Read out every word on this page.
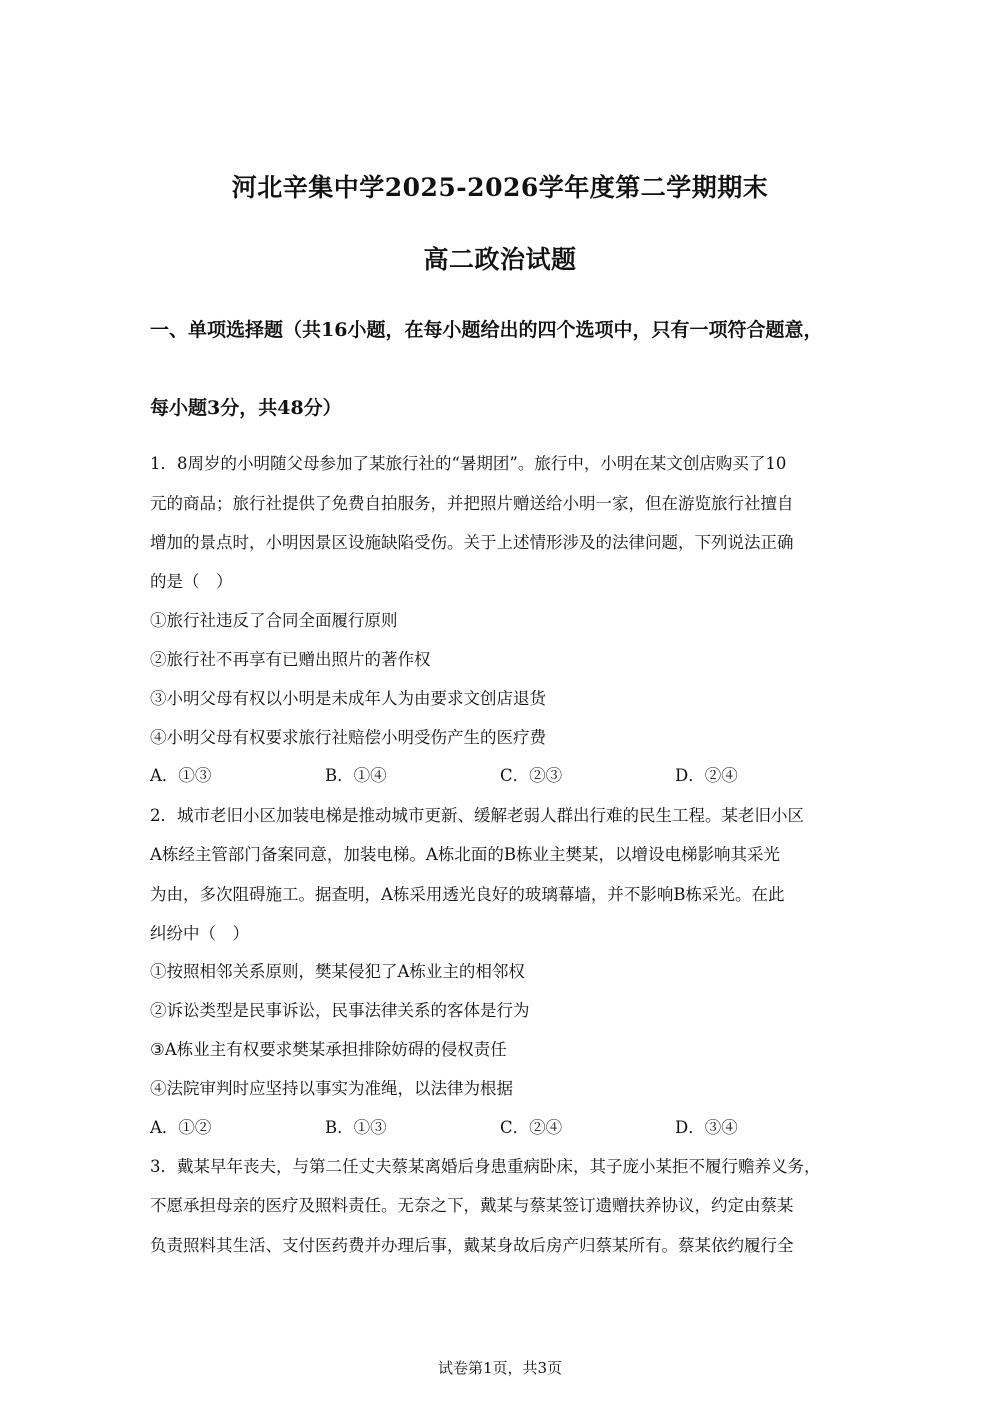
河北辛集中学2025-2026学年度第二学期期末
高二政治试题
一、单项选择题（共16小题，在每小题给出的四个选项中，只有一项符合题意，
每小题3分，共48分）
1．8周岁的小明随父母参加了某旅行社的“暑期团”。旅行中，小明在某文创店购买了10
元的商品；旅行社提供了免费自拍服务，并把照片赠送给小明一家，但在游览旅行社擅自
增加的景点时，小明因景区设施缺陷受伤。关于上述情形涉及的法律问题，下列说法正确
的是（　）
①旅行社违反了合同全面履行原则
②旅行社不再享有已赠出照片的著作权
③小明父母有权以小明是未成年人为由要求文创店退货
④小明父母有权要求旅行社赔偿小明受伤产生的医疗费
A．①③	B．①④	C．②③	D．②④
2．城市老旧小区加装电梯是推动城市更新、缓解老弱人群出行难的民生工程。某老旧小区
A栋经主管部门备案同意，加装电梯。A栋北面的B栋业主樊某，以增设电梯影响其采光
为由，多次阻碍施工。据查明，A栋采用透光良好的玻璃幕墙，并不影响B栋采光。在此
纠纷中（　）
①按照相邻关系原则，樊某侵犯了A栋业主的相邻权
②诉讼类型是民事诉讼，民事法律关系的客体是行为
③A栋业主有权要求樊某承担排除妨碍的侵权责任
④法院审判时应坚持以事实为准绳，以法律为根据
A．①②	B．①③	C．②④	D．③④
3．戴某早年丧夫，与第二任丈夫蔡某离婚后身患重病卧床，其子庞小某拒不履行赡养义务，
不愿承担母亲的医疗及照料责任。无奈之下，戴某与蔡某签订遗赠扶养协议，约定由蔡某
负责照料其生活、支付医药费并办理后事，戴某身故后房产归蔡某所有。蔡某依约履行全
试卷第1页，共3页
